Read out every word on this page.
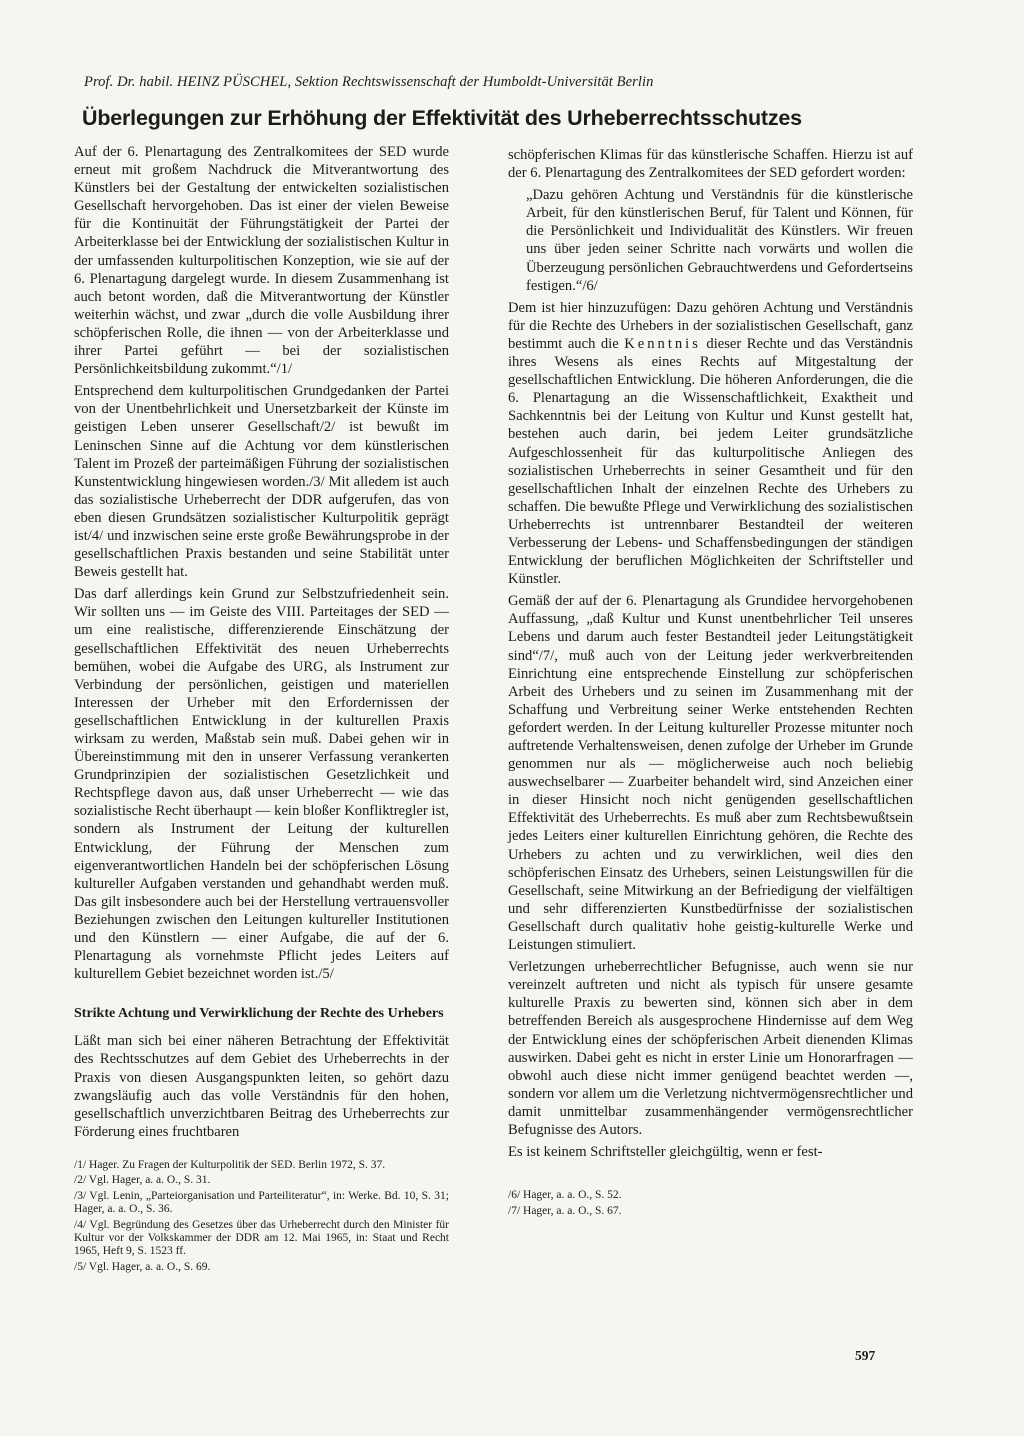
Prof. Dr. habil. HEINZ PÜSCHEL, Sektion Rechtswissenschaft der Humboldt-Universität Berlin
Überlegungen zur Erhöhung der Effektivität des Urheberrechtsschutzes

Auf der 6. Plenartagung des Zentralkomitees der SED wurde erneut mit großem Nachdruck die Mitverantwortung des Künstlers bei der Gestaltung der entwickelten sozialistischen Gesellschaft hervorgehoben. Das ist einer der vielen Beweise für die Kontinuität der Führungstätigkeit der Partei der Arbeiterklasse bei der Entwicklung der sozialistischen Kultur in der umfassenden kulturpolitischen Konzeption, wie sie auf der 6. Plenartagung dargelegt wurde. In diesem Zusammenhang ist auch betont worden, daß die Mitverantwortung der Künstler weiterhin wächst, und zwar „durch die volle Ausbildung ihrer schöpferischen Rolle, die ihnen — von der Arbeiterklasse und ihrer Partei geführt — bei der sozialistischen Persönlichkeitsbildung zukommt.“/1/

Entsprechend dem kulturpolitischen Grundgedanken der Partei von der Unentbehrlichkeit und Unersetzbarkeit der Künste im geistigen Leben unserer Gesellschaft/2/ ist bewußt im Leninschen Sinne auf die Achtung vor dem künstlerischen Talent im Prozeß der parteimäßigen Führung der sozialistischen Kunstentwicklung hingewiesen worden./3/ Mit alledem ist auch das sozialistische Urheberrecht der DDR aufgerufen, das von eben diesen Grundsätzen sozialistischer Kulturpolitik geprägt ist/4/ und inzwischen seine erste große Bewährungsprobe in der gesellschaftlichen Praxis bestanden und seine Stabilität unter Beweis gestellt hat.

Das darf allerdings kein Grund zur Selbstzufriedenheit sein. Wir sollten uns — im Geiste des VIII. Parteitages der SED — um eine realistische, differenzierende Einschätzung der gesellschaftlichen Effektivität des neuen Urheberrechts bemühen, wobei die Aufgabe des URG, als Instrument zur Verbindung der persönlichen, geistigen und materiellen Interessen der Urheber mit den Erfordernissen der gesellschaftlichen Entwicklung in der kulturellen Praxis wirksam zu werden, Maßstab sein muß. Dabei gehen wir in Übereinstimmung mit den in unserer Verfassung verankerten Grundprinzipien der sozialistischen Gesetzlichkeit und Rechtspflege davon aus, daß unser Urheberrecht — wie das sozialistische Recht überhaupt — kein bloßer Konfliktregler ist, sondern als Instrument der Leitung der kulturellen Entwicklung, der Führung der Menschen zum eigenverantwortlichen Handeln bei der schöpferischen Lösung kultureller Aufgaben verstanden und gehandhabt werden muß. Das gilt insbesondere auch bei der Herstellung vertrauensvoller Beziehungen zwischen den Leitungen kultureller Institutionen und den Künstlern — einer Aufgabe, die auf der 6. Plenartagung als vornehmste Pflicht jedes Leiters auf kulturellem Gebiet bezeichnet worden ist./5/

Strikte Achtung und Verwirklichung der Rechte des Urhebers

Läßt man sich bei einer näheren Betrachtung der Effektivität des Rechtsschutzes auf dem Gebiet des Urheberrechts in der Praxis von diesen Ausgangspunkten leiten, so gehört dazu zwangsläufig auch das volle Verständnis für den hohen, gesellschaftlich unverzichtbaren Beitrag des Urheberrechts zur Förderung eines fruchtbaren

/1/ Hager. Zu Fragen der Kulturpolitik der SED. Berlin 1972, S. 37.

/2/ Vgl. Hager, a. a. O., S. 31.

/3/ Vgl. Lenin, „Parteiorganisation und Parteiliteratur“, in: Werke. Bd. 10, S. 31; Hager, a. a. O., S. 36.

/4/ Vgl. Begründung des Gesetzes über das Urheberrecht durch den Minister für Kultur vor der Volkskammer der DDR am 12. Mai 1965, in: Staat und Recht 1965, Heft 9, S. 1523 ff.

/5/ Vgl. Hager, a. a. O., S. 69.

schöpferischen Klimas für das künstlerische Schaffen. Hierzu ist auf der 6. Plenartagung des Zentralkomitees der SED gefordert worden:

„Dazu gehören Achtung und Verständnis für die künstlerische Arbeit, für den künstlerischen Beruf, für Talent und Können, für die Persönlichkeit und Individualität des Künstlers. Wir freuen uns über jeden seiner Schritte nach vorwärts und wollen die Überzeugung persönlichen Gebrauchtwerdens und Gefordertseins festigen.“/6/

Dem ist hier hinzuzufügen: Dazu gehören Achtung und Verständnis für die Rechte des Urhebers in der sozialistischen Gesellschaft, ganz bestimmt auch die Kenntnis dieser Rechte und das Verständnis ihres Wesens als eines Rechts auf Mitgestaltung der gesellschaftlichen Entwicklung. Die höheren Anforderungen, die die 6. Plenartagung an die Wissenschaftlichkeit, Exaktheit und Sachkenntnis bei der Leitung von Kultur und Kunst gestellt hat, bestehen auch darin, bei jedem Leiter grundsätzliche Aufgeschlossenheit für das kulturpolitische Anliegen des sozialistischen Urheberrechts in seiner Gesamtheit und für den gesellschaftlichen Inhalt der einzelnen Rechte des Urhebers zu schaffen. Die bewußte Pflege und Verwirklichung des sozialistischen Urheberrechts ist untrennbarer Bestandteil der weiteren Verbesserung der Lebens- und Schaffensbedingungen der ständigen Entwicklung der beruflichen Möglichkeiten der Schriftsteller und Künstler.

Gemäß der auf der 6. Plenartagung als Grundidee hervorgehobenen Auffassung, „daß Kultur und Kunst unentbehrlicher Teil unseres Lebens und darum auch fester Bestandteil jeder Leitungstätigkeit sind“/7/, muß auch von der Leitung jeder werkverbreitenden Einrichtung eine entsprechende Einstellung zur schöpferischen Arbeit des Urhebers und zu seinen im Zusammenhang mit der Schaffung und Verbreitung seiner Werke entstehenden Rechten gefordert werden. In der Leitung kultureller Prozesse mitunter noch auftretende Verhaltensweisen, denen zufolge der Urheber im Grunde genommen nur als — möglicherweise auch noch beliebig auswechselbarer — Zuarbeiter behandelt wird, sind Anzeichen einer in dieser Hinsicht noch nicht genügenden gesellschaftlichen Effektivität des Urheberrechts. Es muß aber zum Rechtsbewußtsein jedes Leiters einer kulturellen Einrichtung gehören, die Rechte des Urhebers zu achten und zu verwirklichen, weil dies den schöpferischen Einsatz des Urhebers, seinen Leistungswillen für die Gesellschaft, seine Mitwirkung an der Befriedigung der vielfältigen und sehr differenzierten Kunstbedürfnisse der sozialistischen Gesellschaft durch qualitativ hohe geistig-kulturelle Werke und Leistungen stimuliert.

Verletzungen urheberrechtlicher Befugnisse, auch wenn sie nur vereinzelt auftreten und nicht als typisch für unsere gesamte kulturelle Praxis zu bewerten sind, können sich aber in dem betreffenden Bereich als ausgesprochene Hindernisse auf dem Weg der Entwicklung eines der schöpferischen Arbeit dienenden Klimas auswirken. Dabei geht es nicht in erster Linie um Honorarfragen — obwohl auch diese nicht immer genügend beachtet werden —, sondern vor allem um die Verletzung nichtvermögensrechtlicher und damit unmittelbar zusammenhängender vermögensrechtlicher Befugnisse des Autors.

Es ist keinem Schriftsteller gleichgültig, wenn er fest-

/6/ Hager, a. a. O., S. 52.

/7/ Hager, a. a. O., S. 67.

597
